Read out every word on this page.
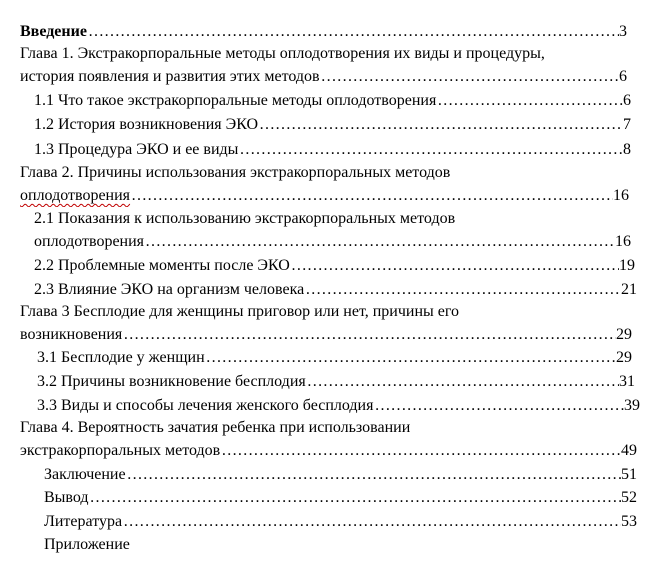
Введение ……………………………………………………………………………………………………………………………………………………………………………………………………	3
Глава 1. Экстракорпоральные методы оплодотворения их виды и процедуры,
история появления и развития этих методов ……………………………………………………………………………………………………………………………………………………………………………………………………	6
1.1 Что такое экстракорпоральные методы оплодотворения ……………………………………………………………………………………………………………………………………………………………………………………………………	6
1.2 История возникновения ЭКО ……………………………………………………………………………………………………………………………………………………………………………………………………	7
1.3 Процедура ЭКО и ее виды ……………………………………………………………………………………………………………………………………………………………………………………………………	8
Глава 2. Причины использования экстракорпоральных методов
оплодотворения ……………………………………………………………………………………………………………………………………………………………………………………………………	16
2.1 Показания к использованию экстракорпоральных методов
оплодотворения ……………………………………………………………………………………………………………………………………………………………………………………………………	16
2.2 Проблемные моменты после ЭКО ……………………………………………………………………………………………………………………………………………………………………………………………………	19
2.3 Влияние ЭКО на организм человека ……………………………………………………………………………………………………………………………………………………………………………………………………	21
Глава 3 Бесплодие для женщины приговор или нет, причины его
возникновения ……………………………………………………………………………………………………………………………………………………………………………………………………	29
3.1 Бесплодие у женщин ……………………………………………………………………………………………………………………………………………………………………………………………………	29
3.2 Причины возникновение бесплодия ……………………………………………………………………………………………………………………………………………………………………………………………………	31
3.3 Виды и способы лечения женского бесплодия ……………………………………………………………………………………………………………………………………………………………………………………………………	39
Глава 4. Вероятность зачатия ребенка при использовании
экстракорпоральных методов ……………………………………………………………………………………………………………………………………………………………………………………………………	49
Заключение ……………………………………………………………………………………………………………………………………………………………………………………………………	51
Вывод ……………………………………………………………………………………………………………………………………………………………………………………………………	52
Литература ……………………………………………………………………………………………………………………………………………………………………………………………………	53
Приложение
